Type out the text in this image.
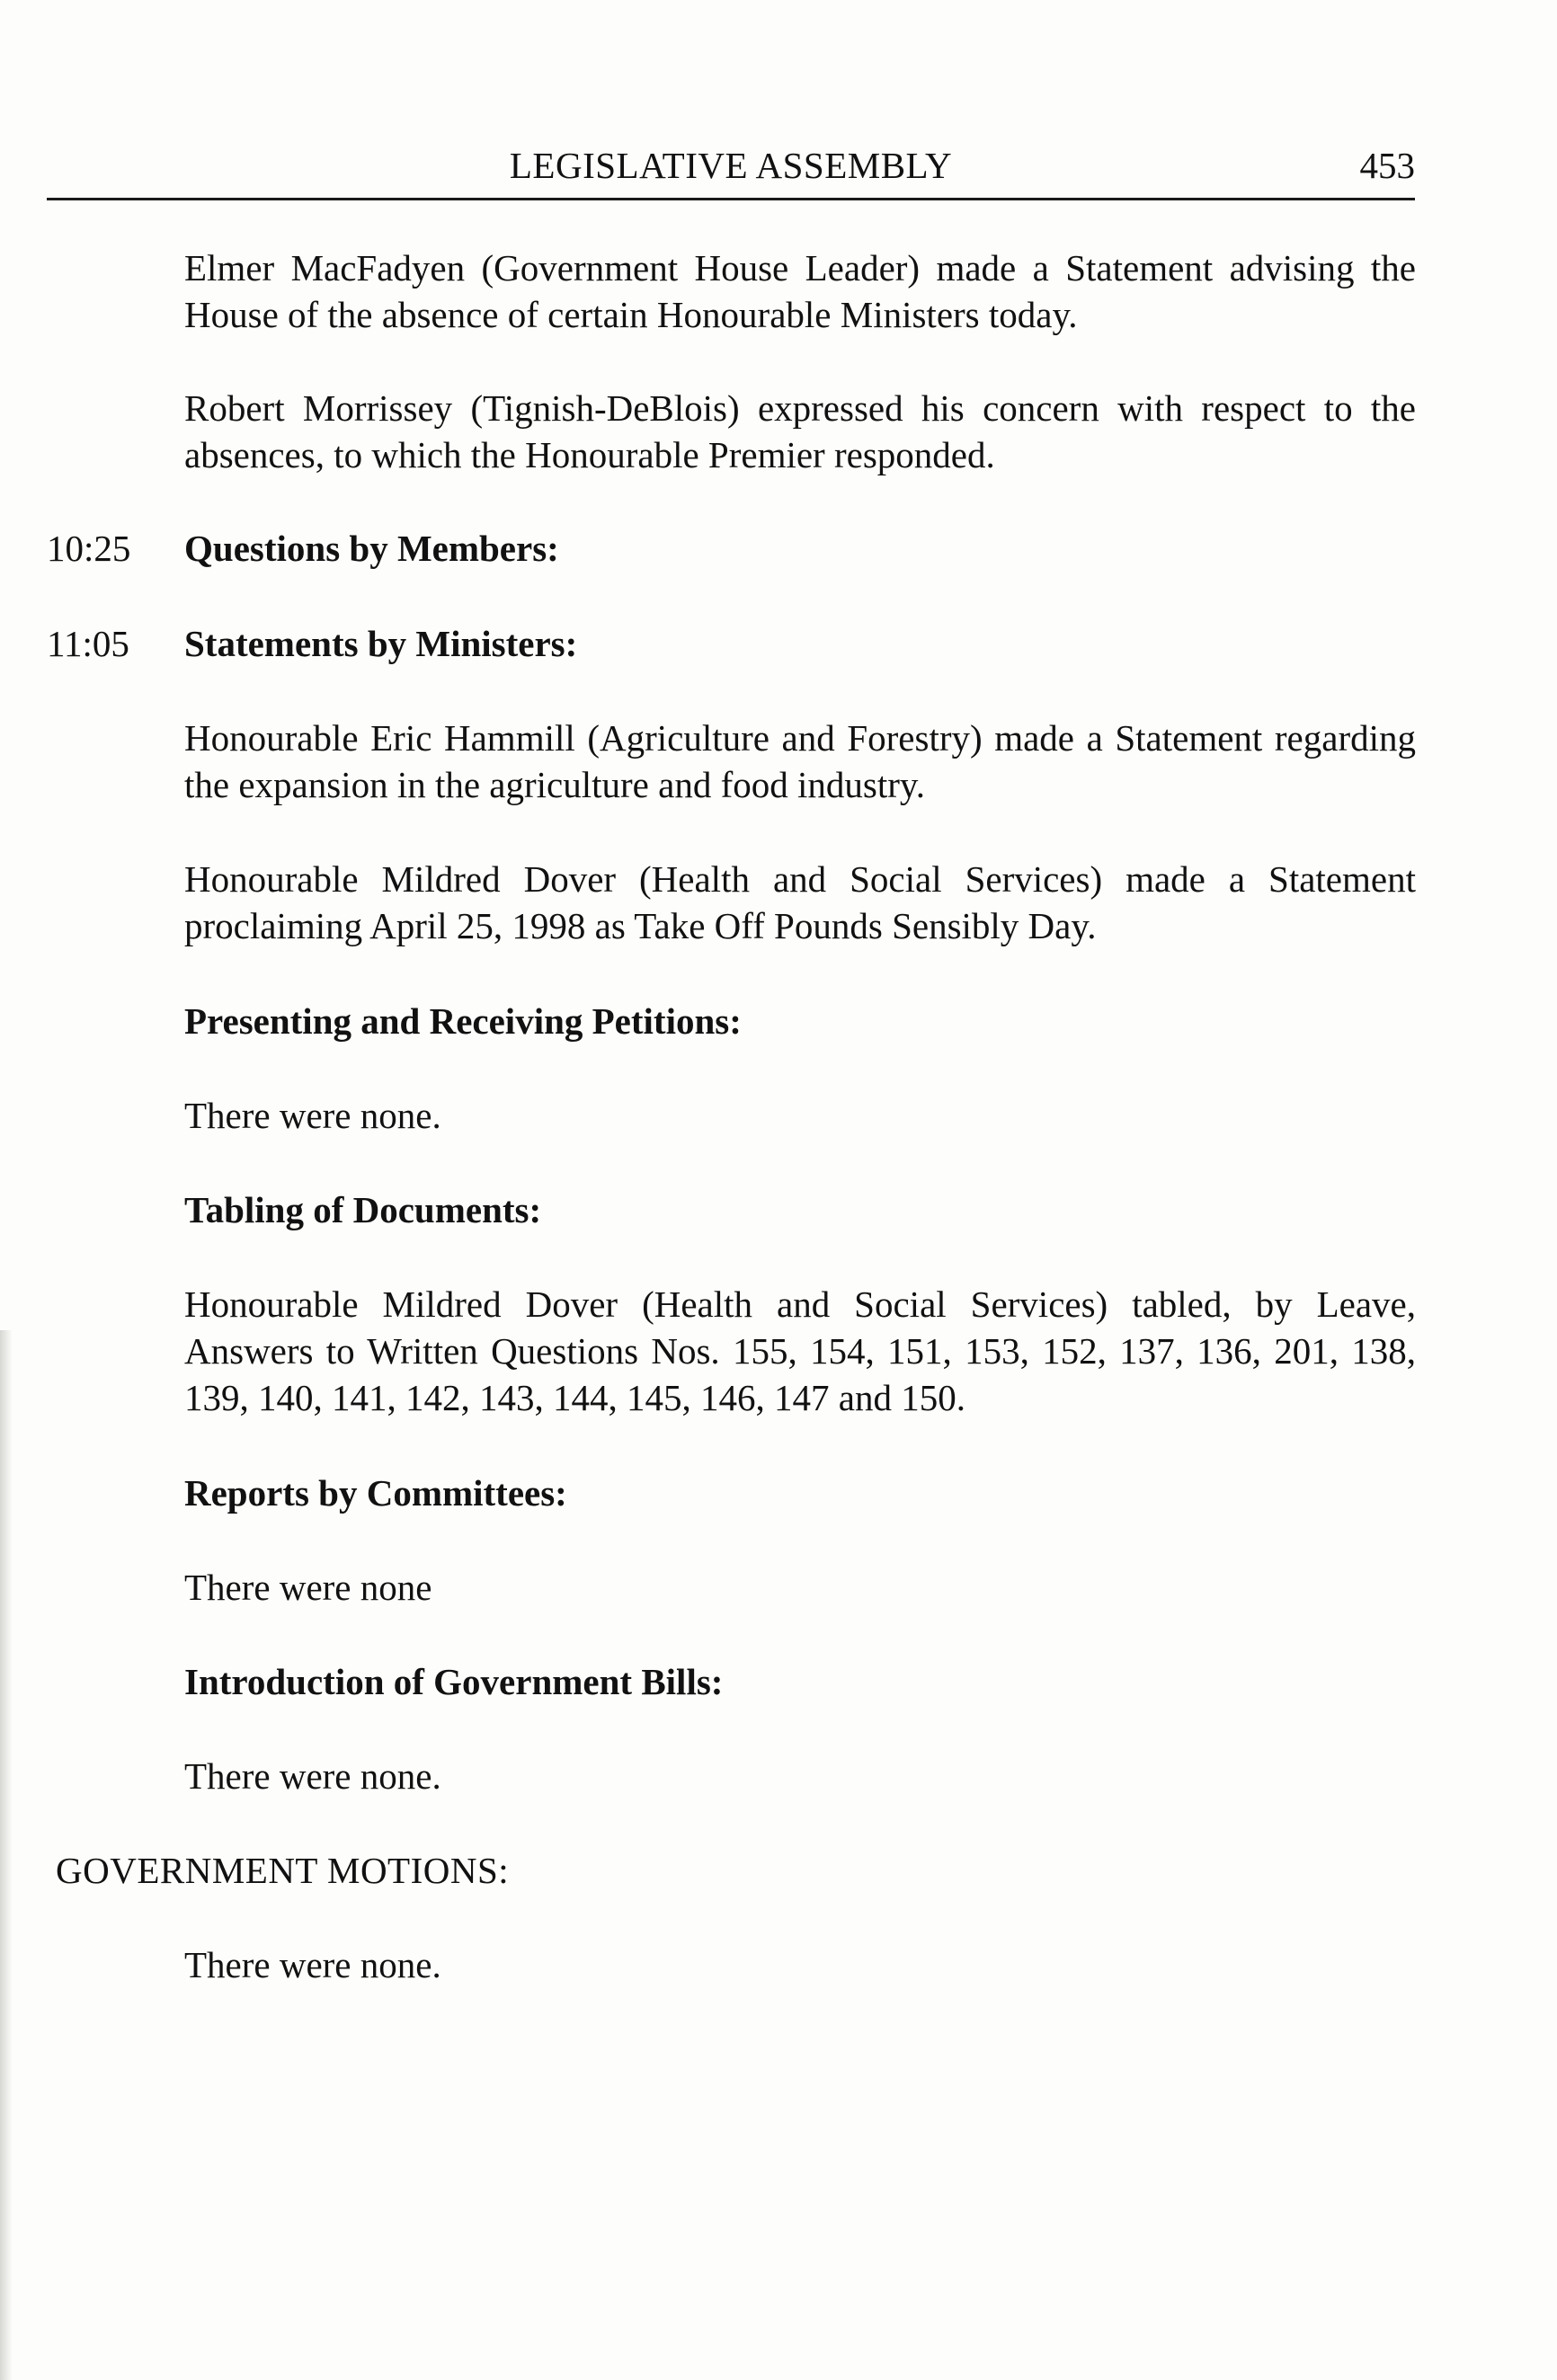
LEGISLATIVE ASSEMBLY	453
Elmer MacFadyen (Government House Leader) made a Statement advising the House of the absence of certain Honourable Ministers today.
Robert Morrissey (Tignish-DeBlois) expressed his concern with respect to the absences, to which the Honourable Premier responded.
10:25 Questions by Members:
11:05 Statements by Ministers:
Honourable Eric Hammill (Agriculture and Forestry) made a Statement regarding the expansion in the agriculture and food industry.
Honourable Mildred Dover (Health and Social Services) made a Statement proclaiming April 25, 1998 as Take Off Pounds Sensibly Day.
Presenting and Receiving Petitions:
There were none.
Tabling of Documents:
Honourable Mildred Dover (Health and Social Services) tabled, by Leave, Answers to Written Questions Nos. 155, 154, 151, 153, 152, 137, 136, 201, 138, 139, 140, 141, 142, 143, 144, 145, 146, 147 and 150.
Reports by Committees:
There were none
Introduction of Government Bills:
There were none.
GOVERNMENT MOTIONS:
There were none.
